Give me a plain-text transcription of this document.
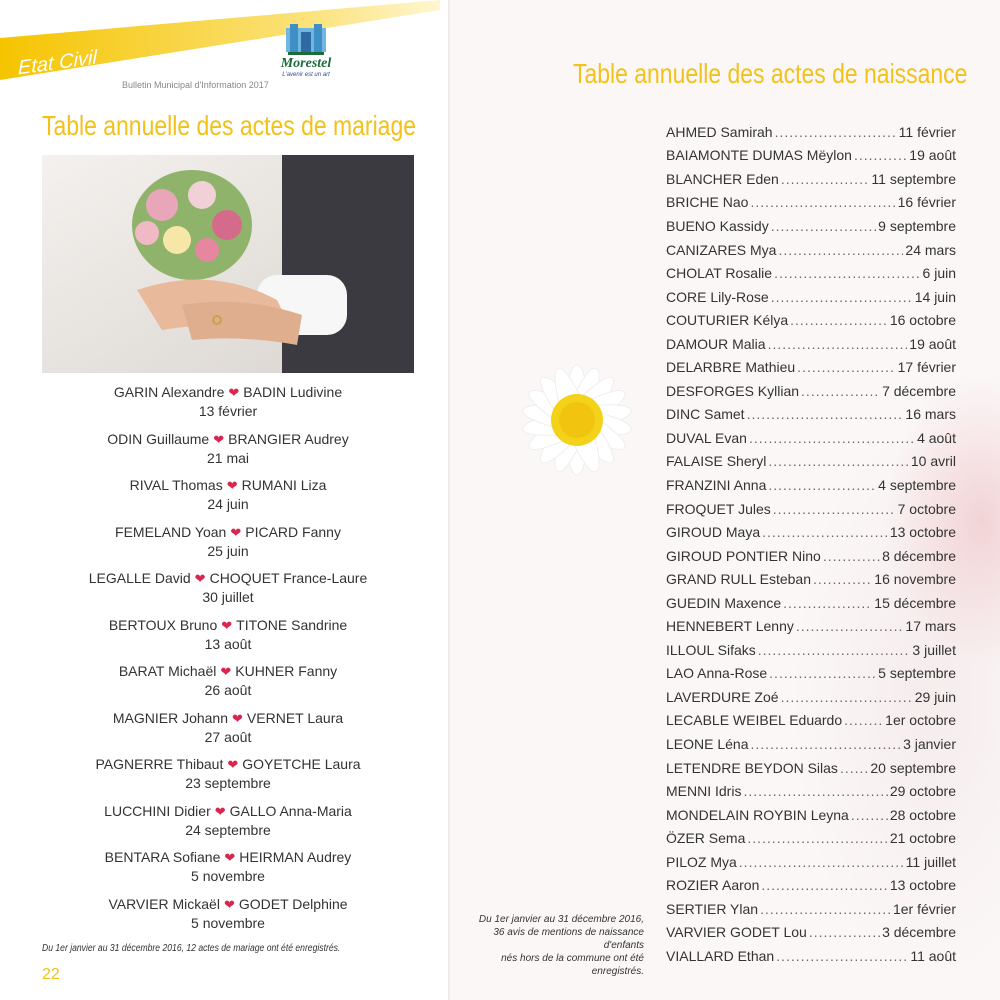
Etat Civil
Bulletin Municipal d'Information 2017
Morestel
L'avenir est un art
Table annuelle des actes de mariage
GARIN Alexandre ❤ BADIN Ludivine
13 février
ODIN Guillaume ❤ BRANGIER Audrey
21 mai
RIVAL Thomas ❤ RUMANI Liza
24 juin
FEMELAND Yoan ❤ PICARD Fanny
25 juin
LEGALLE David ❤ CHOQUET France-Laure
30 juillet
BERTOUX Bruno ❤ TITONE Sandrine
13 août
BARAT Michaël ❤ KUHNER Fanny
26 août
MAGNIER Johann ❤ VERNET Laura
27 août
PAGNERRE Thibaut ❤ GOYETCHE Laura
23 septembre
LUCCHINI Didier ❤ GALLO Anna-Maria
24 septembre
BENTARA Sofiane ❤ HEIRMAN Audrey
5 novembre
VARVIER Mickaël ❤ GODET Delphine
5 novembre
Du 1er janvier au 31 décembre 2016, 12 actes de mariage ont été enregistrés.
22
Table annuelle des actes de naissance
AHMED Samirah .....	11 février
BAIAMONTE DUMAS Mëylon .....	19 août
BLANCHER Eden .....	11 septembre
BRICHE Nao .....	16 février
BUENO Kassidy .....	9 septembre
CANIZARES Mya .....	24 mars
CHOLAT Rosalie .....	6 juin
CORE Lily-Rose .....	14 juin
COUTURIER Kélya .....	16 octobre
DAMOUR Malia .....	19 août
DELARBRE Mathieu .....	17 février
DESFORGES Kyllian .....	7 décembre
DINC Samet .....	16 mars
DUVAL Evan .....	4 août
FALAISE Sheryl .....	10 avril
FRANZINI Anna .....	4 septembre
FROQUET Jules .....	7 octobre
GIROUD Maya .....	13 octobre
GIROUD PONTIER Nino .....	8 décembre
GRAND RULL Esteban .....	16 novembre
GUEDIN Maxence .....	15 décembre
HENNEBERT Lenny .....	17 mars
ILLOUL Sifaks .....	3 juillet
LAO Anna-Rose .....	5 septembre
LAVERDURE Zoé .....	29 juin
LECABLE WEIBEL Eduardo .....	1er octobre
LEONE Léna .....	3 janvier
LETENDRE BEYDON Silas ..... 20 septembre
MENNI Idris .....	29 octobre
MONDELAIN ROYBIN Leyna .....	28 octobre
ÖZER Sema .....	21 octobre
PILOZ Mya .....	11 juillet
ROZIER Aaron .....	13 octobre
SERTIER Ylan .....	1er février
VARVIER GODET Lou .....	3 décembre
VIALLARD Ethan .....	11 août
Du 1er janvier au 31 décembre 2016,
36 avis de mentions de naissance d'enfants
nés hors de la commune ont été enregistrés.
